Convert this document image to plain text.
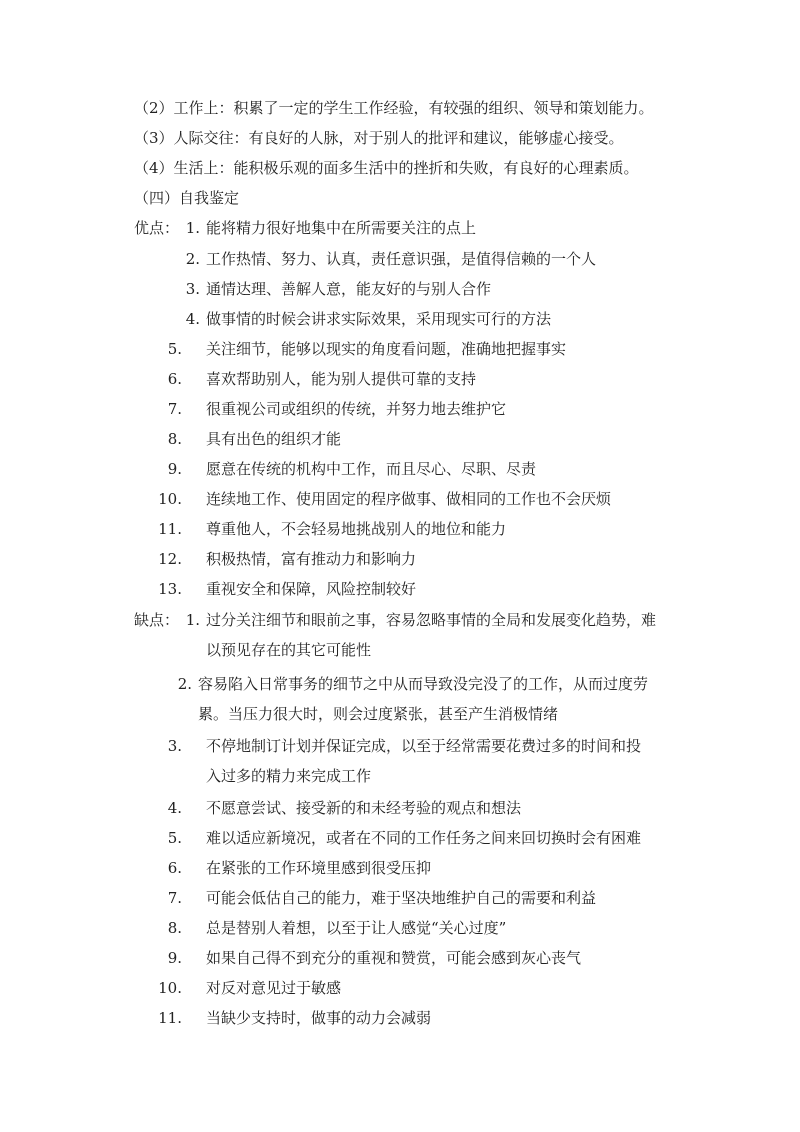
（2）工作上：积累了一定的学生工作经验，有较强的组织、领导和策划能力。
（3）人际交往：有良好的人脉，对于别人的批评和建议，能够虚心接受。
（4）生活上：能积极乐观的面多生活中的挫折和失败，有良好的心理素质。
（四）自我鉴定
优点： 1. 能将精力很好地集中在所需要关注的点上
2. 工作热情、努力、认真，责任意识强，是值得信赖的一个人
3. 通情达理、善解人意，能友好的与别人合作
4. 做事情的时候会讲求实际效果，采用现实可行的方法
5. 关注细节，能够以现实的角度看问题，准确地把握事实
6. 喜欢帮助别人，能为别人提供可靠的支持
7. 很重视公司或组织的传统，并努力地去维护它
8. 具有出色的组织才能
9. 愿意在传统的机构中工作，而且尽心、尽职、尽责
10. 连续地工作、使用固定的程序做事、做相同的工作也不会厌烦
11. 尊重他人，不会轻易地挑战别人的地位和能力
12. 积极热情，富有推动力和影响力
13. 重视安全和保障，风险控制较好
缺点： 1. 过分关注细节和眼前之事，容易忽略事情的全局和发展变化趋势，难
以预见存在的其它可能性
2. 容易陷入日常事务的细节之中从而导致没完没了的工作，从而过度劳
累。当压力很大时，则会过度紧张，甚至产生消极情绪
3. 不停地制订计划并保证完成，以至于经常需要花费过多的时间和投
入过多的精力来完成工作
4. 不愿意尝试、接受新的和未经考验的观点和想法
5. 难以适应新境况，或者在不同的工作任务之间来回切换时会有困难
6. 在紧张的工作环境里感到很受压抑
7. 可能会低估自己的能力，难于坚决地维护自己的需要和利益
8. 总是替别人着想，以至于让人感觉“关心过度”
9. 如果自己得不到充分的重视和赞赏，可能会感到灰心丧气
10. 对反对意见过于敏感
11. 当缺少支持时，做事的动力会减弱
